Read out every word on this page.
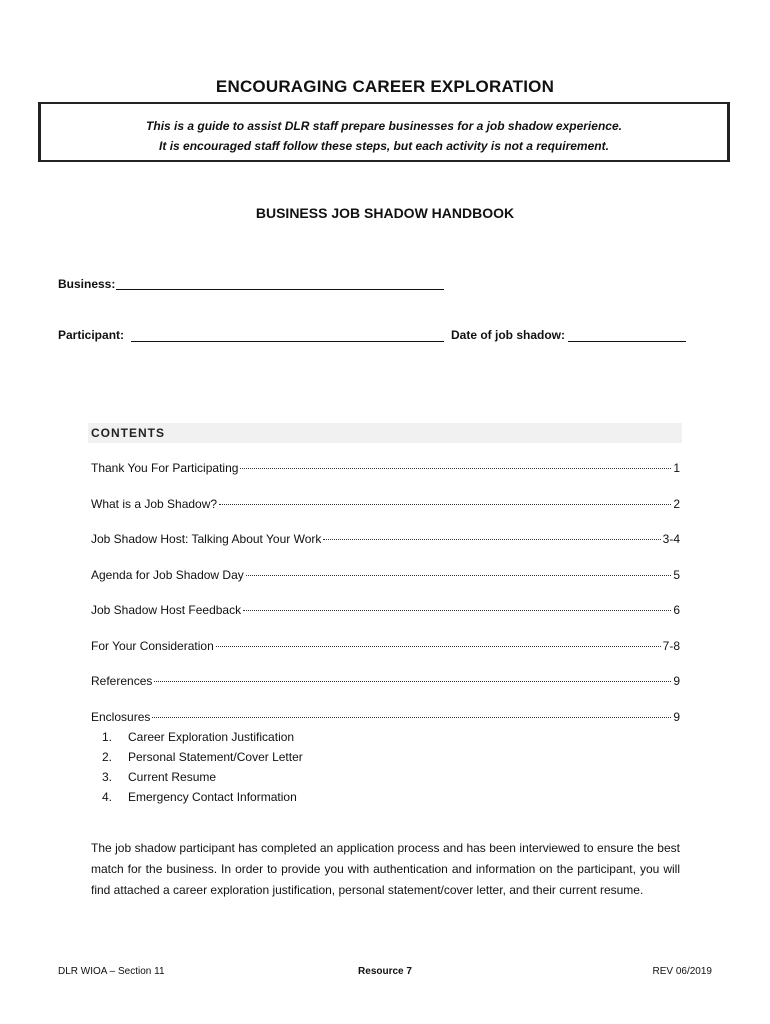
ENCOURAGING CAREER EXPLORATION
This is a guide to assist DLR staff prepare businesses for a job shadow experience.
It is encouraged staff follow these steps, but each activity is not a requirement.
BUSINESS JOB SHADOW HANDBOOK
Business:
Participant:	Date of job shadow:
CONTENTS
Thank You For Participating	1
What is a Job Shadow?	2
Job Shadow Host: Talking About Your Work	3-4
Agenda for Job Shadow Day	5
Job Shadow Host Feedback	6
For Your Consideration	7-8
References	9
Enclosures	9
1.	Career Exploration Justification
2.	Personal Statement/Cover Letter
3.	Current Resume
4.	Emergency Contact Information
The job shadow participant has completed an application process and has been interviewed to ensure the best match for the business. In order to provide you with authentication and information on the participant, you will find attached a career exploration justification, personal statement/cover letter, and their current resume.
DLR WIOA – Section 11	Resource 7	REV 06/2019
